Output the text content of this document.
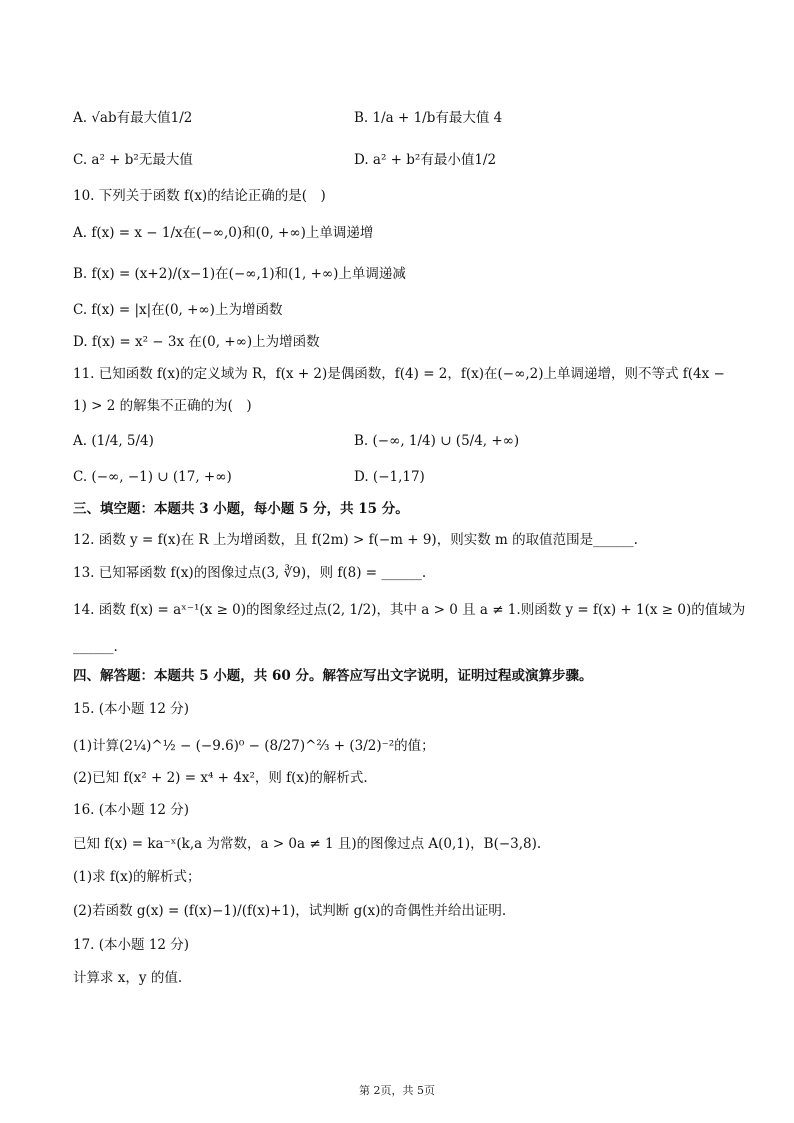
A. √ab有最大值1/2	B. 1/a + 1/b有最大值 4
C. a² + b²无最大值	D. a² + b²有最小值1/2
10. 下列关于函数 f(x)的结论正确的是(　)
A. f(x) = x − 1/x在(−∞,0)和(0, +∞)上单调递增
B. f(x) = (x+2)/(x−1)在(−∞,1)和(1, +∞)上单调递减
C. f(x) = |x|在(0, +∞)上为增函数
D. f(x) = x² − 3x 在(0, +∞)上为增函数
11. 已知函数 f(x)的定义域为 R，f(x + 2)是偶函数，f(4) = 2，f(x)在(−∞,2)上单调递增，则不等式 f(4x −
1) > 2 的解集不正确的为(　)
A. (1/4, 5/4)	B. (−∞, 1/4) ∪ (5/4, +∞)
C. (−∞, −1) ∪ (17, +∞)	D. (−1,17)
三、填空题：本题共 3 小题，每小题 5 分，共 15 分。
12. 函数 y = f(x)在 R 上为增函数，且 f(2m) > f(−m + 9)，则实数 m 的取值范围是______.
13. 已知幂函数 f(x)的图像过点(3, ∛9)，则 f(8) = ______.
14. 函数 f(x) = aˣ⁻¹(x ≥ 0)的图象经过点(2, 1/2)，其中 a > 0 且 a ≠ 1.则函数 y = f(x) + 1(x ≥ 0)的值域为
______.
四、解答题：本题共 5 小题，共 60 分。解答应写出文字说明，证明过程或演算步骤。
15. (本小题 12 分)
(1)计算(2¼)^½ − (−9.6)⁰ − (8/27)^⅔ + (3/2)⁻²的值；
(2)已知 f(x² + 2) = x⁴ + 4x²，则 f(x)的解析式.
16. (本小题 12 分)
已知 f(x) = ka⁻ˣ(k,a 为常数，a > 0a ≠ 1 且)的图像过点 A(0,1)，B(−3,8).
(1)求 f(x)的解析式；
(2)若函数 g(x) = (f(x)−1)/(f(x)+1)，试判断 g(x)的奇偶性并给出证明.
17. (本小题 12 分)
计算求 x，y 的值.
第 2页，共 5页
